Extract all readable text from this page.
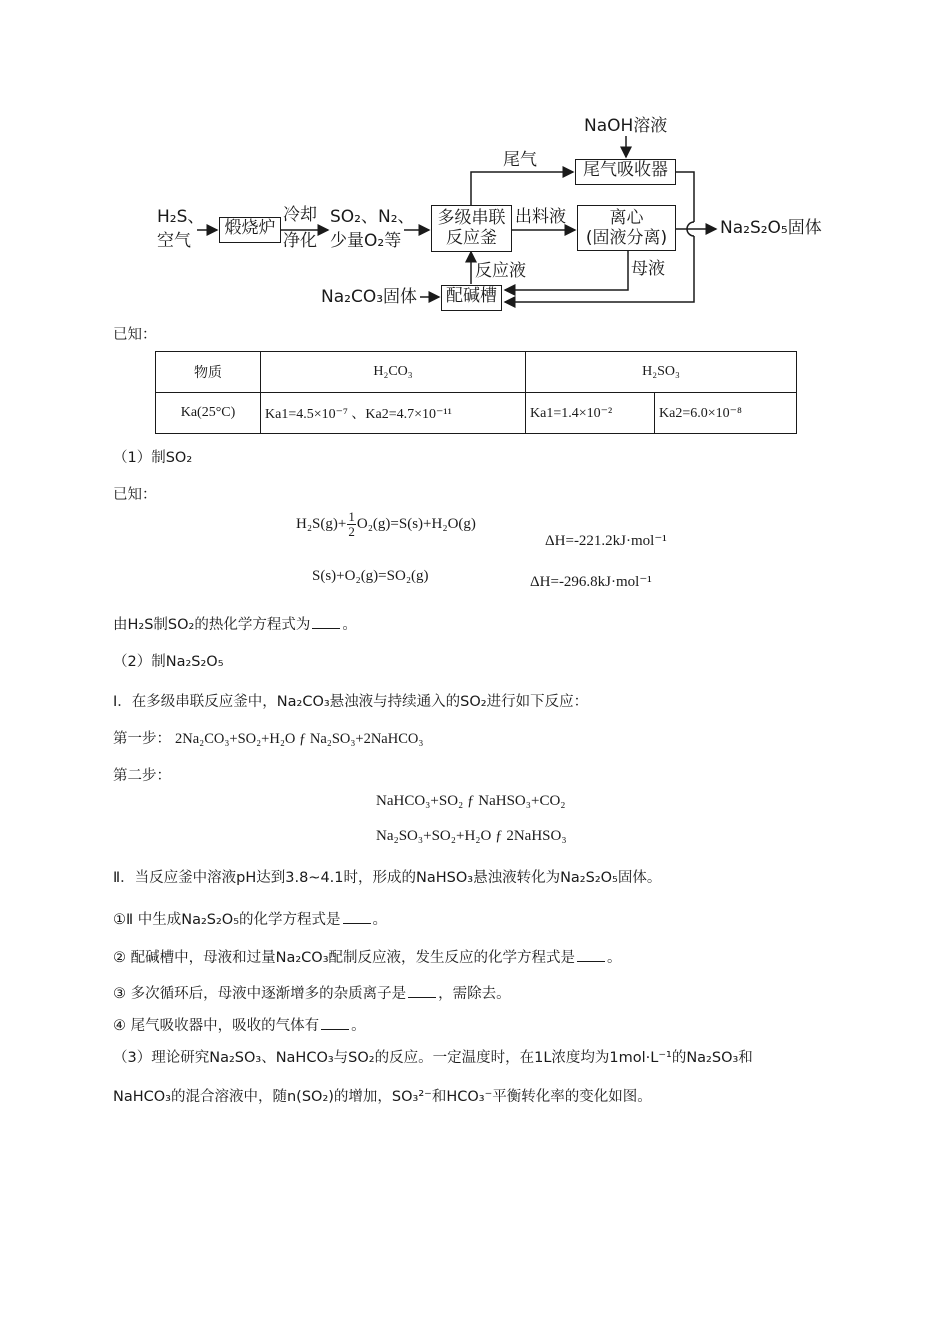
H₂S、
空气
煅烧炉
冷却
净化
SO₂、N₂、
少量O₂等
多级串联
反应釜
尾气
NaOH溶液
尾气吸收器
出料液	离心
(固液分离)	Na₂S₂O₅固体
母液
反应液
Na₂CO₃固体 配碱槽
已知：
物质	H₂CO₃	H₂SO₃	
Ka(25°C)	Ka1=4.5×10⁻⁷ 、Ka2=4.7×10⁻¹¹	Ka1=1.4×10⁻²	Ka2=6.0×10⁻⁸
（1）制SO₂
已知：
$H_2S(g)+ \frac{1}{2} O_2(g)=S(s)+H_2O(g)$
ΔH=-221.2kJ·mol⁻¹
S(s)+O₂(g)=SO₂(g)	ΔH=-296.8kJ·mol⁻¹
由H₂S制SO₂的热化学方程式为 。
（2）制Na₂S₂O₅
I．在多级串联反应釜中，Na₂CO₃悬浊液与持续通入的SO₂进行如下反应：
第一步： 2Na₂CO₃+SO₂+H₂O ƒ Na₂SO₃+2NaHCO₃
第二步：
NaHCO₃+SO₂ ƒ NaHSO₃+CO₂
Na₂SO₃+SO₂+H₂O ƒ 2NaHSO₃
Ⅱ．当反应釜中溶液pH达到3.8~4.1时，形成的NaHSO₃悬浊液转化为Na₂S₂O₅固体。
①Ⅱ 中生成Na₂S₂O₅的化学方程式是 。
② 配碱槽中，母液和过量Na₂CO₃配制反应液，发生反应的化学方程式是 。
③ 多次循环后，母液中逐渐增多的杂质离子是 ，需除去。
④ 尾气吸收器中，吸收的气体有 。
（3）理论研究Na₂SO₃、NaHCO₃与SO₂的反应。一定温度时，在1L浓度均为1mol·L⁻¹的Na₂SO₃和
NaHCO₃的混合溶液中，随n(SO₂)的增加，SO₃²⁻和HCO₃⁻平衡转化率的变化如图。
